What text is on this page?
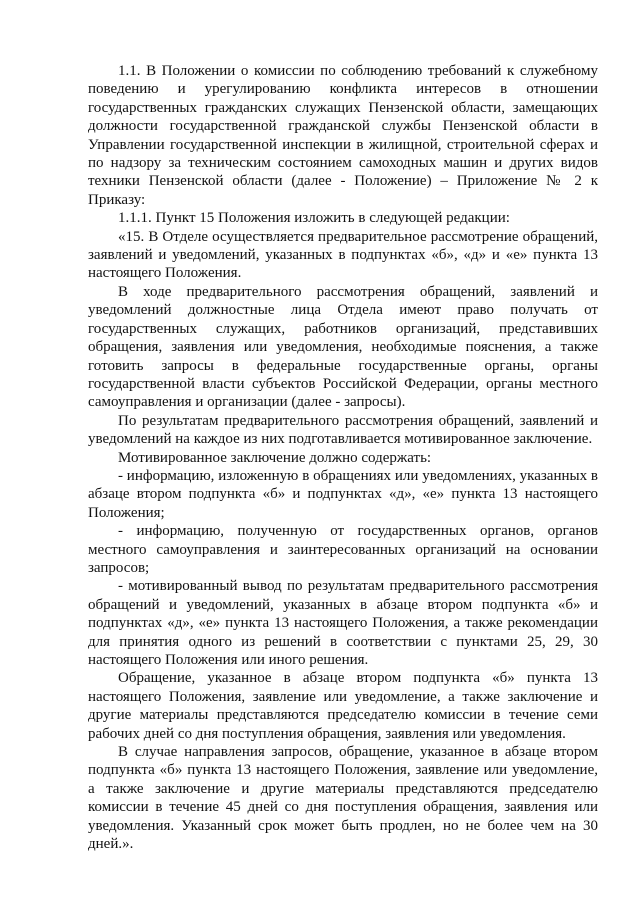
1.1. В Положении о комиссии по соблюдению требований к служебному поведению и урегулированию конфликта интересов в отношении государственных гражданских служащих Пензенской области, замещающих должности государственной гражданской службы Пензенской области в Управлении государственной инспекции в жилищной, строительной сферах и по надзору за техническим состоянием самоходных машин и других видов техники Пензенской области (далее - Положение) – Приложение № 2 к Приказу:

1.1.1. Пункт 15 Положения изложить в следующей редакции:

«15. В Отделе осуществляется предварительное рассмотрение обращений, заявлений и уведомлений, указанных в подпунктах «б», «д» и «е» пункта 13 настоящего Положения.

В ходе предварительного рассмотрения обращений, заявлений и уведомлений должностные лица Отдела имеют право получать от государственных служащих, работников организаций, представивших обращения, заявления или уведомления, необходимые пояснения, а также готовить запросы в федеральные государственные органы, органы государственной власти субъектов Российской Федерации, органы местного самоуправления и организации (далее - запросы).

По результатам предварительного рассмотрения обращений, заявлений и уведомлений на каждое из них подготавливается мотивированное заключение.

Мотивированное заключение должно содержать:

- информацию, изложенную в обращениях или уведомлениях, указанных в абзаце втором подпункта «б» и подпунктах «д», «е» пункта 13 настоящего Положения;

- информацию, полученную от государственных органов, органов местного самоуправления и заинтересованных организаций на основании запросов;

- мотивированный вывод по результатам предварительного рассмотрения обращений и уведомлений, указанных в абзаце втором подпункта «б» и подпунктах «д», «е» пункта 13 настоящего Положения, а также рекомендации для принятия одного из решений в соответствии с пунктами 25, 29, 30 настоящего Положения или иного решения.

Обращение, указанное в абзаце втором подпункта «б» пункта 13 настоящего Положения, заявление или уведомление, а также заключение и другие материалы представляются председателю комиссии в течение семи рабочих дней со дня поступления обращения, заявления или уведомления.

В случае направления запросов, обращение, указанное в абзаце втором подпункта «б» пункта 13 настоящего Положения, заявление или уведомление, а также заключение и другие материалы представляются председателю комиссии в течение 45 дней со дня поступления обращения, заявления или уведомления. Указанный срок может быть продлен, но не более чем на 30 дней.».
